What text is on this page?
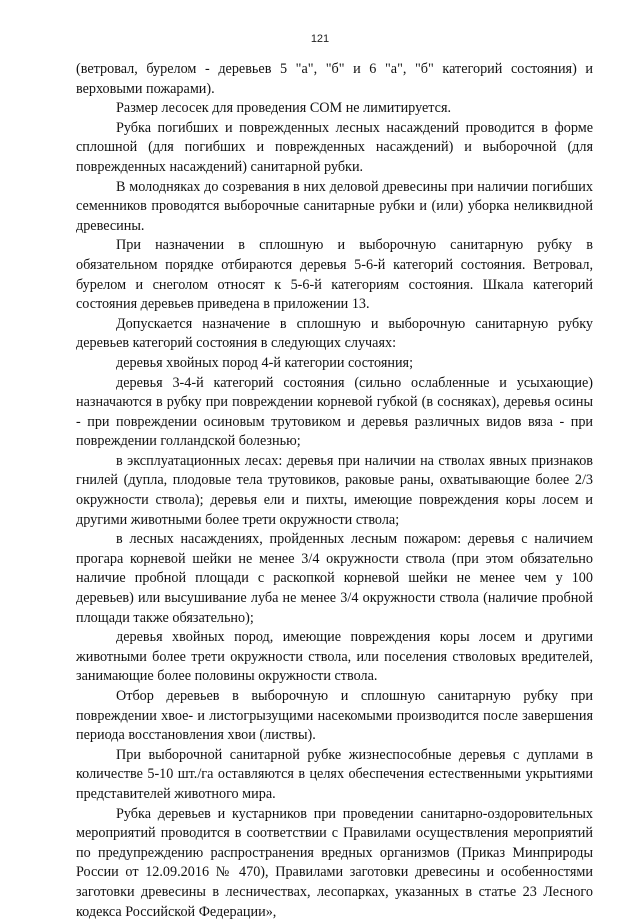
121

(ветровал, бурелом - деревьев 5 "а", "б" и 6 "а", "б" категорий состояния) и верховыми пожарами).

Размер лесосек для проведения СОМ не лимитируется.

Рубка погибших и поврежденных лесных насаждений проводится в форме сплошной (для погибших и поврежденных насаждений) и выборочной (для поврежденных насаждений) санитарной рубки.

В молодняках до созревания в них деловой древесины при наличии погибших семенников проводятся выборочные санитарные рубки и (или) уборка неликвидной древесины.

При назначении в сплошную и выборочную санитарную рубку в обязательном порядке отбираются деревья 5-6-й категорий состояния. Ветровал, бурелом и снеголом относят к 5-6-й категориям состояния. Шкала категорий состояния деревьев приведена в приложении 13.

Допускается назначение в сплошную и выборочную санитарную рубку деревьев категорий состояния в следующих случаях:

деревья хвойных пород 4-й категории состояния;

деревья 3-4-й категорий состояния (сильно ослабленные и усыхающие) назначаются в рубку при повреждении корневой губкой (в сосняках), деревья осины - при повреждении осиновым трутовиком и деревья различных видов вяза - при повреждении голландской болезнью;

в эксплуатационных лесах: деревья при наличии на стволах явных признаков гнилей (дупла, плодовые тела трутовиков, раковые раны, охватывающие более 2/3 окружности ствола); деревья ели и пихты, имеющие повреждения коры лосем и другими животными более трети окружности ствола;

в лесных насаждениях, пройденных лесным пожаром: деревья с наличием прогара корневой шейки не менее 3/4 окружности ствола (при этом обязательно наличие пробной площади с раскопкой корневой шейки не менее чем у 100 деревьев) или высушивание луба не менее 3/4 окружности ствола (наличие пробной площади также обязательно);

деревья хвойных пород, имеющие повреждения коры лосем и другими животными более трети окружности ствола, или поселения стволовых вредителей, занимающие более половины окружности ствола.

Отбор деревьев в выборочную и сплошную санитарную рубку при повреждении хвое- и листогрызущими насекомыми производится после завершения периода восстановления хвои (листвы).

При выборочной санитарной рубке жизнеспособные деревья с дуплами в количестве 5-10 шт./га оставляются в целях обеспечения естественными укрытиями представителей животного мира.

Рубка деревьев и кустарников при проведении санитарно-оздоровительных мероприятий проводится в соответствии с Правилами осуществления мероприятий по предупреждению распространения вредных организмов (Приказ Минприроды России от 12.09.2016 № 470), Правилами заготовки древесины и особенностями заготовки древесины в лесничествах, лесопарках, указанных в статье 23 Лесного кодекса Российской Федерации»,
